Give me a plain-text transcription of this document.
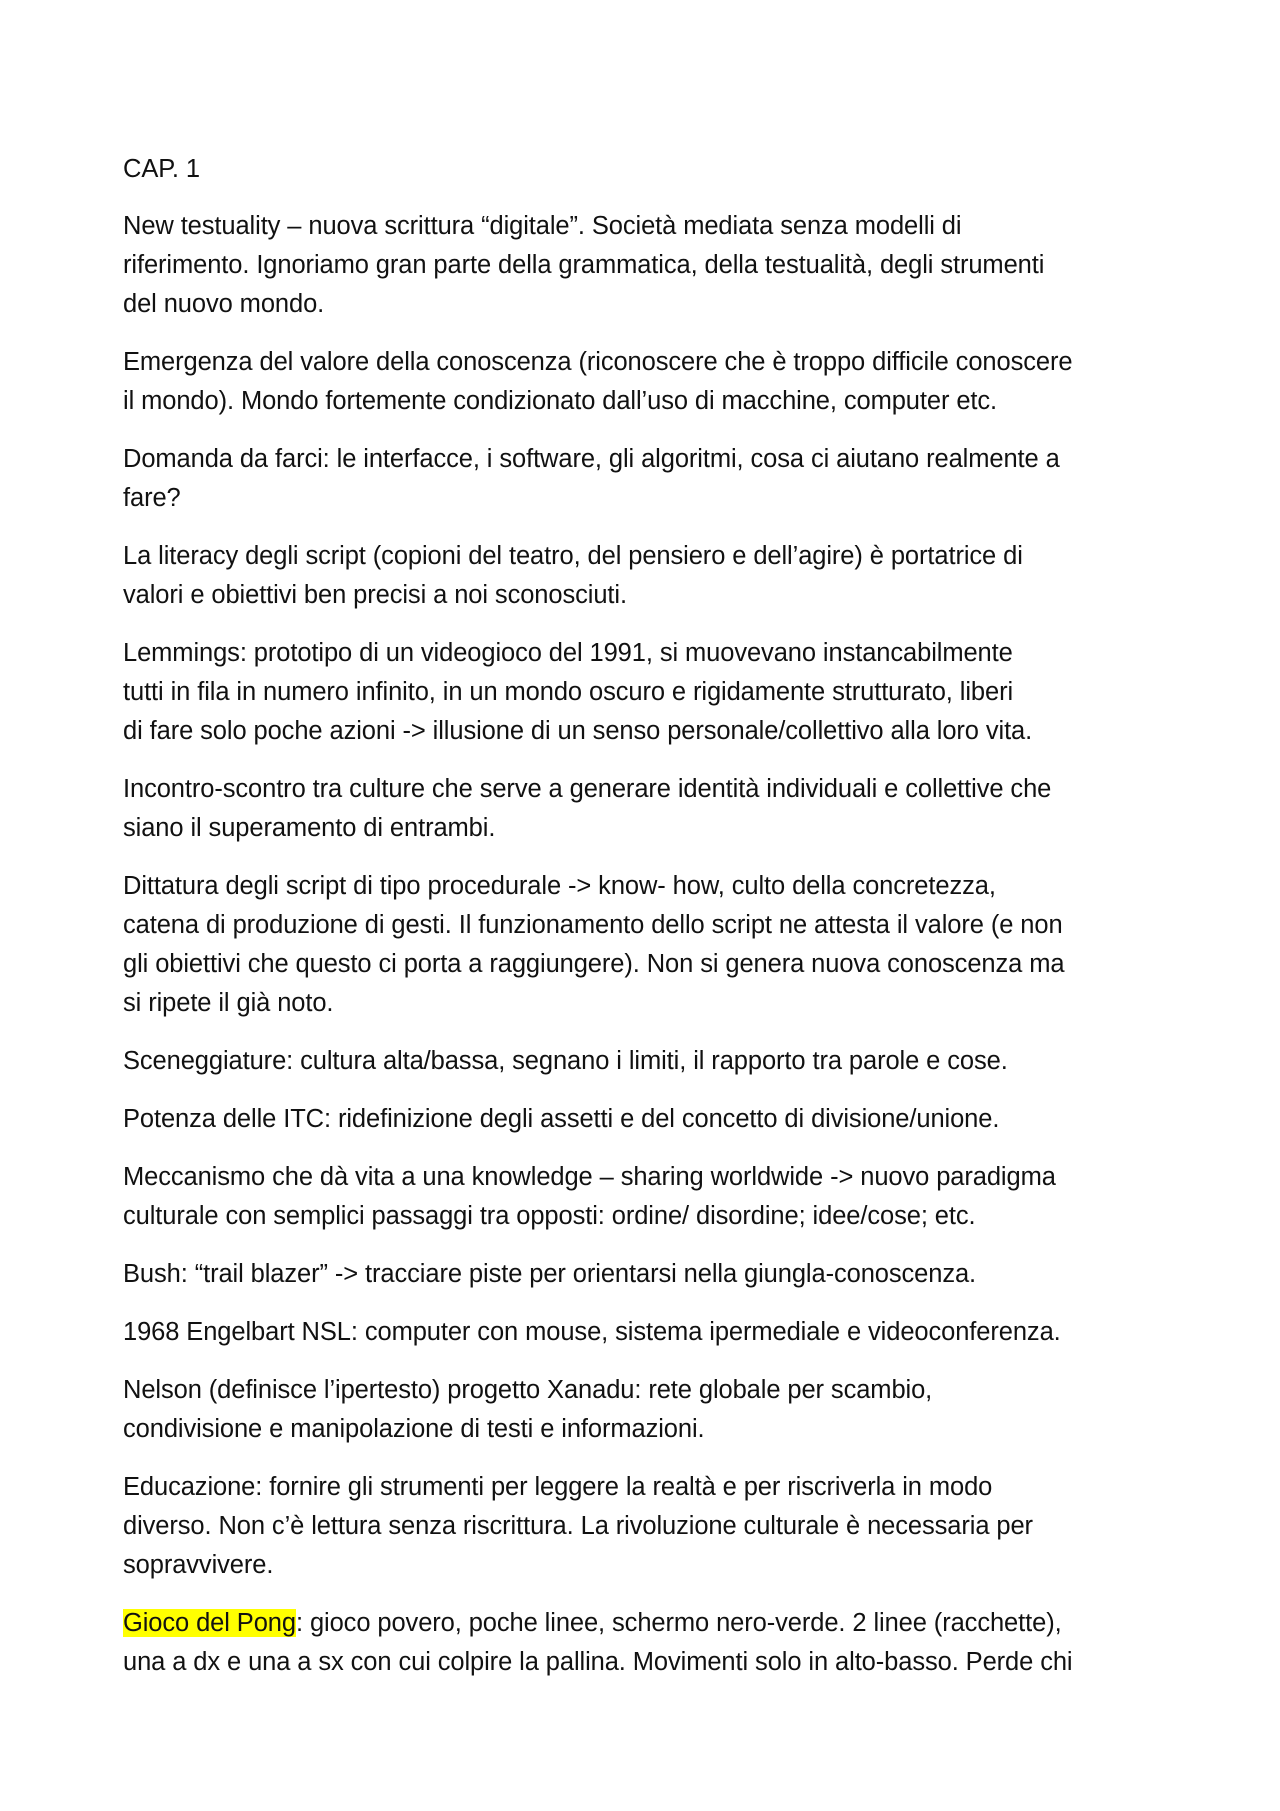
CAP. 1

New testuality – nuova scrittura “digitale”. Società mediata senza modelli di
riferimento. Ignoriamo gran parte della grammatica, della testualità, degli strumenti
del nuovo mondo.

Emergenza del valore della conoscenza (riconoscere che è troppo difficile conoscere
il mondo). Mondo fortemente condizionato dall’uso di macchine, computer etc.

Domanda da farci: le interfacce, i software, gli algoritmi, cosa ci aiutano realmente a
fare?

La literacy degli script (copioni del teatro, del pensiero e dell’agire) è portatrice di
valori e obiettivi ben precisi a noi sconosciuti.

Lemmings: prototipo di un videogioco del 1991, si muovevano instancabilmente
tutti in fila in numero infinito, in un mondo oscuro e rigidamente strutturato, liberi
di fare solo poche azioni -> illusione di un senso personale/collettivo alla loro vita.

Incontro-scontro tra culture che serve a generare identità individuali e collettive che
siano il superamento di entrambi.

Dittatura degli script di tipo procedurale -> know- how, culto della concretezza,
catena di produzione di gesti. Il funzionamento dello script ne attesta il valore (e non
gli obiettivi che questo ci porta a raggiungere). Non si genera nuova conoscenza ma
si ripete il già noto.

Sceneggiature: cultura alta/bassa, segnano i limiti, il rapporto tra parole e cose.

Potenza delle ITC: ridefinizione degli assetti e del concetto di divisione/unione.

Meccanismo che dà vita a una knowledge – sharing worldwide -> nuovo paradigma
culturale con semplici passaggi tra opposti: ordine/ disordine; idee/cose; etc.

Bush: “trail blazer” -> tracciare piste per orientarsi nella giungla-conoscenza.

1968 Engelbart NSL: computer con mouse, sistema ipermediale e videoconferenza.

Nelson (definisce l’ipertesto) progetto Xanadu: rete globale per scambio,
condivisione e manipolazione di testi e informazioni.

Educazione: fornire gli strumenti per leggere la realtà e per riscriverla in modo
diverso. Non c’è lettura senza riscrittura. La rivoluzione culturale è necessaria per
sopravvivere.

Gioco del Pong: gioco povero, poche linee, schermo nero-verde. 2 linee (racchette),
una a dx e una a sx con cui colpire la pallina. Movimenti solo in alto-basso. Perde chi
